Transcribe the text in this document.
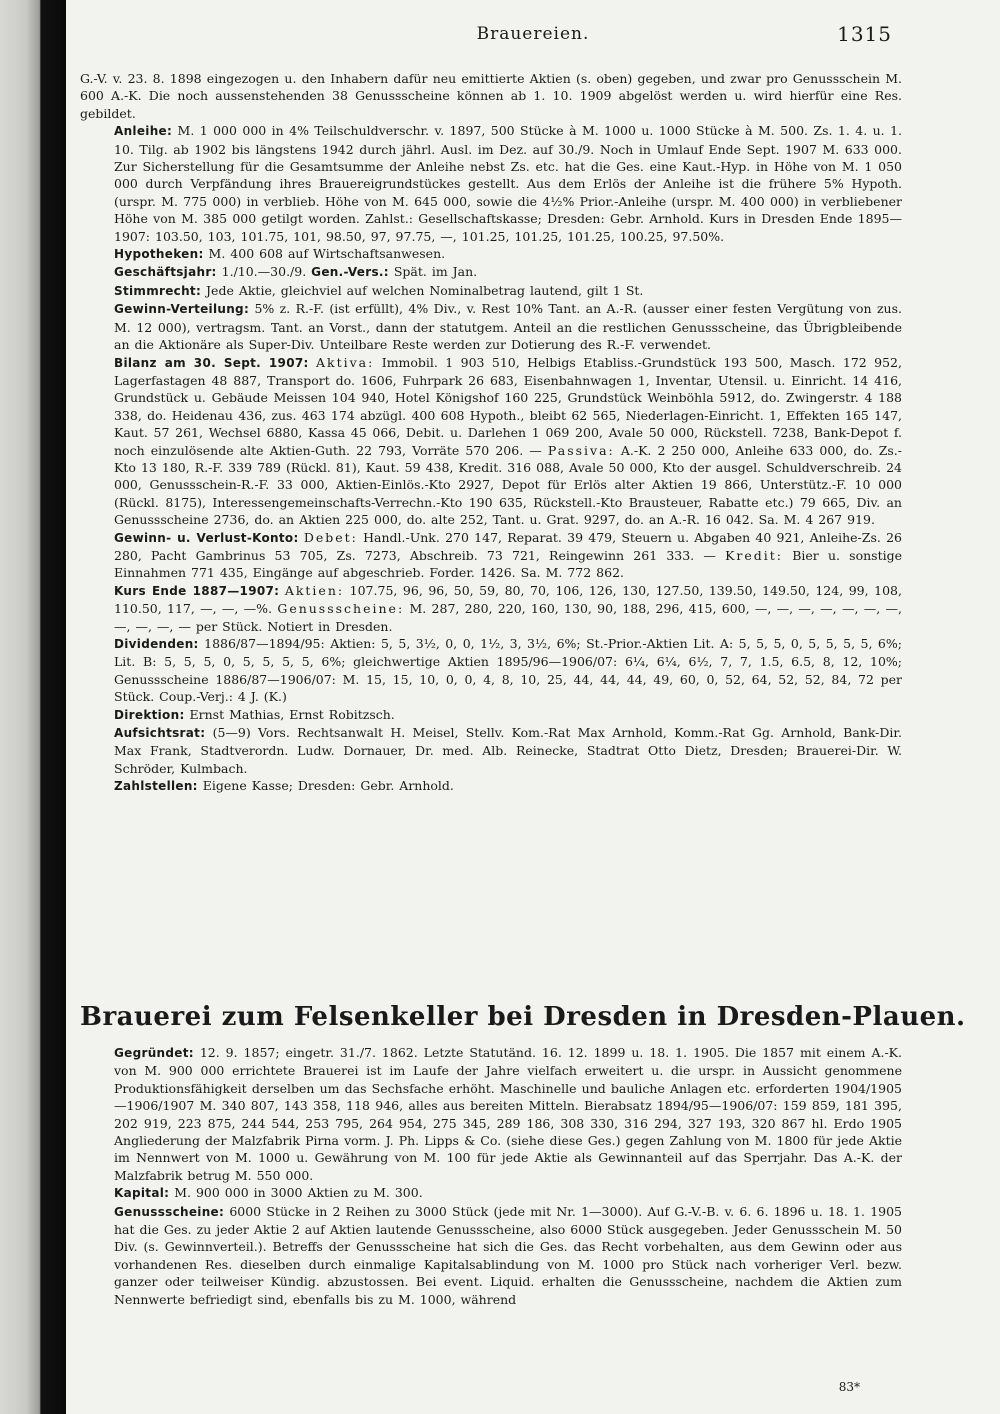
Brauereien.	1315

G.-V. v. 23. 8. 1898 eingezogen u. den Inhabern dafür neu emittierte Aktien (s. oben) gegeben, und zwar pro Genussschein M. 600 A.-K. Die noch aussenstehenden 38 Genussscheine können ab 1. 10. 1909 abgelöst werden u. wird hierfür eine Res. gebildet.

Anleihe: M. 1 000 000 in 4% Teilschuldverschr. v. 1897, 500 Stücke à M. 1000 u. 1000 Stücke à M. 500. Zs. 1. 4. u. 1. 10. Tilg. ab 1902 bis längstens 1942 durch jährl. Ausl. im Dez. auf 30./9. Noch in Umlauf Ende Sept. 1907 M. 633 000. Zur Sicherstellung für die Gesamtsumme der Anleihe nebst Zs. etc. hat die Ges. eine Kaut.-Hyp. in Höhe von M. 1 050 000 durch Verpfändung ihres Brauereigrundstückes gestellt. Aus dem Erlös der Anleihe ist die frühere 5% Hypoth. (urspr. M. 775 000) in verblieb. Höhe von M. 645 000, sowie die 4½% Prior.-Anleihe (urspr. M. 400 000) in verbliebener Höhe von M. 385 000 getilgt worden. Zahlst.: Gesellschaftskasse; Dresden: Gebr. Arnhold. Kurs in Dresden Ende 1895—1907: 103.50, 103, 101.75, 101, 98.50, 97, 97.75, —, 101.25, 101.25, 101.25, 100.25, 97.50%.

Hypotheken: M. 400 608 auf Wirtschaftsanwesen.

Geschäftsjahr: 1./10.—30./9. Gen.-Vers.: Spät. im Jan.

Stimmrecht: Jede Aktie, gleichviel auf welchen Nominalbetrag lautend, gilt 1 St.

Gewinn-Verteilung: 5% z. R.-F. (ist erfüllt), 4% Div., v. Rest 10% Tant. an A.-R. (ausser einer festen Vergütung von zus. M. 12 000), vertragsm. Tant. an Vorst., dann der statutgem. Anteil an die restlichen Genussscheine, das Übrigbleibende an die Aktionäre als Super-Div. Unteilbare Reste werden zur Dotierung des R.-F. verwendet.

Bilanz am 30. Sept. 1907: Aktiva: Immobil. 1 903 510, Helbigs Etabliss.-Grundstück 193 500, Masch. 172 952, Lagerfastagen 48 887, Transport do. 1606, Fuhrpark 26 683, Eisenbahnwagen 1, Inventar, Utensil. u. Einricht. 14 416, Grundstück u. Gebäude Meissen 104 940, Hotel Königshof 160 225, Grundstück Weinböhla 5912, do. Zwingerstr. 4 188 338, do. Heidenau 436, zus. 463 174 abzügl. 400 608 Hypoth., bleibt 62 565, Niederlagen-Einricht. 1, Effekten 165 147, Kaut. 57 261, Wechsel 6880, Kassa 45 066, Debit. u. Darlehen 1 069 200, Avale 50 000, Rückstell. 7238, Bank-Depot f. noch einzulösende alte Aktien-Guth. 22 793, Vorräte 570 206. — Passiva: A.-K. 2 250 000, Anleihe 633 000, do. Zs.-Kto 13 180, R.-F. 339 789 (Rückl. 81), Kaut. 59 438, Kredit. 316 088, Avale 50 000, Kto der ausgel. Schuldverschreib. 24 000, Genussschein-R.-F. 33 000, Aktien-Einlös.-Kto 2927, Depot für Erlös alter Aktien 19 866, Unterstütz.-F. 10 000 (Rückl. 8175), Interessengemeinschafts-Verrechn.-Kto 190 635, Rückstell.-Kto Brausteuer, Rabatte etc.) 79 665, Div. an Genussscheine 2736, do. an Aktien 225 000, do. alte 252, Tant. u. Grat. 9297, do. an A.-R. 16 042. Sa. M. 4 267 919.

Gewinn- u. Verlust-Konto: Debet: Handl.-Unk. 270 147, Reparat. 39 479, Steuern u. Abgaben 40 921, Anleihe-Zs. 26 280, Pacht Gambrinus 53 705, Zs. 7273, Abschreib. 73 721, Reingewinn 261 333. — Kredit: Bier u. sonstige Einnahmen 771 435, Eingänge auf abgeschrieb. Forder. 1426. Sa. M. 772 862.

Kurs Ende 1887—1907: Aktien: 107.75, 96, 96, 50, 59, 80, 70, 106, 126, 130, 127.50, 139.50, 149.50, 124, 99, 108, 110.50, 117, —, —, —%. Genussscheine: M. 287, 280, 220, 160, 130, 90, 188, 296, 415, 600, —, —, —, —, —, —, —, —, —, —, — per Stück. Notiert in Dresden.

Dividenden: 1886/87—1894/95: Aktien: 5, 5, 3½, 0, 0, 1½, 3, 3½, 6%; St.-Prior.-Aktien Lit. A: 5, 5, 5, 0, 5, 5, 5, 5, 6%; Lit. B: 5, 5, 5, 0, 5, 5, 5, 5, 6%; gleichwertige Aktien 1895/96—1906/07: 6¼, 6¼, 6½, 7, 7, 1.5, 6.5, 8, 12, 10%; Genussscheine 1886/87—1906/07: M. 15, 15, 10, 0, 0, 4, 8, 10, 25, 44, 44, 44, 49, 60, 0, 52, 64, 52, 52, 84, 72 per Stück. Coup.-Verj.: 4 J. (K.)

Direktion: Ernst Mathias, Ernst Robitzsch.

Aufsichtsrat: (5—9) Vors. Rechtsanwalt H. Meisel, Stellv. Kom.-Rat Max Arnhold, Komm.-Rat Gg. Arnhold, Bank-Dir. Max Frank, Stadtverordn. Ludw. Dornauer, Dr. med. Alb. Reinecke, Stadtrat Otto Dietz, Dresden; Brauerei-Dir. W. Schröder, Kulmbach.

Zahlstellen: Eigene Kasse; Dresden: Gebr. Arnhold.

Brauerei zum Felsenkeller bei Dresden in Dresden-Plauen.

Gegründet: 12. 9. 1857; eingetr. 31./7. 1862. Letzte Statutänd. 16. 12. 1899 u. 18. 1. 1905. Die 1857 mit einem A.-K. von M. 900 000 errichtete Brauerei ist im Laufe der Jahre vielfach erweitert u. die urspr. in Aussicht genommene Produktionsfähigkeit derselben um das Sechsfache erhöht. Maschinelle und bauliche Anlagen etc. erforderten 1904/1905—1906/1907 M. 340 807, 143 358, 118 946, alles aus bereiten Mitteln. Bierabsatz 1894/95—1906/07: 159 859, 181 395, 202 919, 223 875, 244 544, 253 795, 264 954, 275 345, 289 186, 308 330, 316 294, 327 193, 320 867 hl. Erdo 1905 Angliederung der Malzfabrik Pirna vorm. J. Ph. Lipps & Co. (siehe diese Ges.) gegen Zahlung von M. 1800 für jede Aktie im Nennwert von M. 1000 u. Gewährung von M. 100 für jede Aktie als Gewinnanteil auf das Sperrjahr. Das A.-K. der Malzfabrik betrug M. 550 000.

Kapital: M. 900 000 in 3000 Aktien zu M. 300.

Genussscheine: 6000 Stücke in 2 Reihen zu 3000 Stück (jede mit Nr. 1—3000). Auf G.-V.-B. v. 6. 6. 1896 u. 18. 1. 1905 hat die Ges. zu jeder Aktie 2 auf Aktien lautende Genussscheine, also 6000 Stück ausgegeben. Jeder Genussschein M. 50 Div. (s. Gewinnverteil.). Betreffs der Genussscheine hat sich die Ges. das Recht vorbehalten, aus dem Gewinn oder aus vorhandenen Res. dieselben durch einmalige Kapitalsablindung von M. 1000 pro Stück nach vorheriger Verl. bezw. ganzer oder teilweiser Kündig. abzustossen. Bei event. Liquid. erhalten die Genussscheine, nachdem die Aktien zum Nennwerte befriedigt sind, ebenfalls bis zu M. 1000, während

83*
